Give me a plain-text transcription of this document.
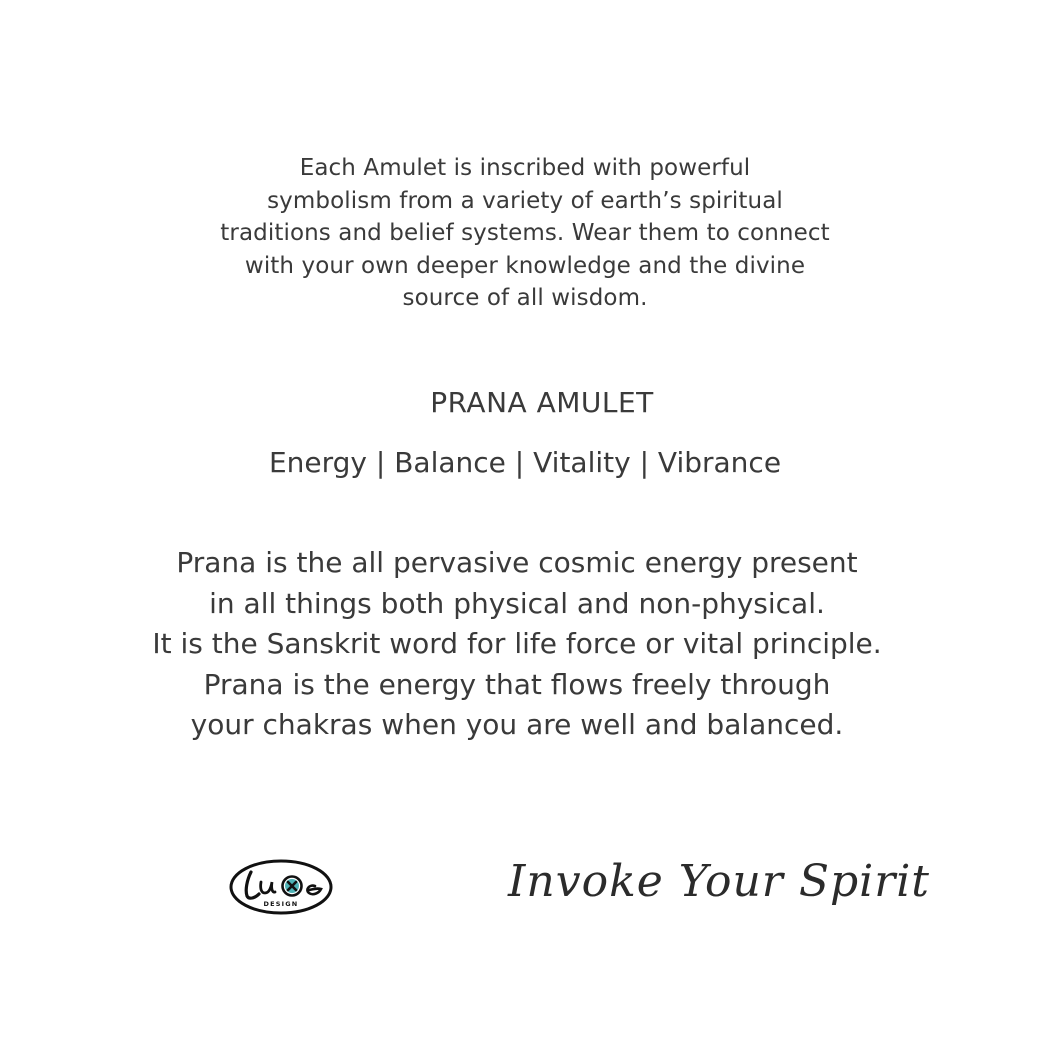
Each Amulet is inscribed with powerful
symbolism from a variety of earth’s spiritual
traditions and belief systems. Wear them to connect
with your own deeper knowledge and the divine
source of all wisdom.
PRANA AMULET
Energy | Balance | Vitality | Vibrance
Prana is the all pervasive cosmic energy present
in all things both physical and non-physical.
It is the Sanskrit word for life force or vital principle.
Prana is the energy that flows freely through
your chakras when you are well and balanced.
DESIGN	Invoke Your Spirit
